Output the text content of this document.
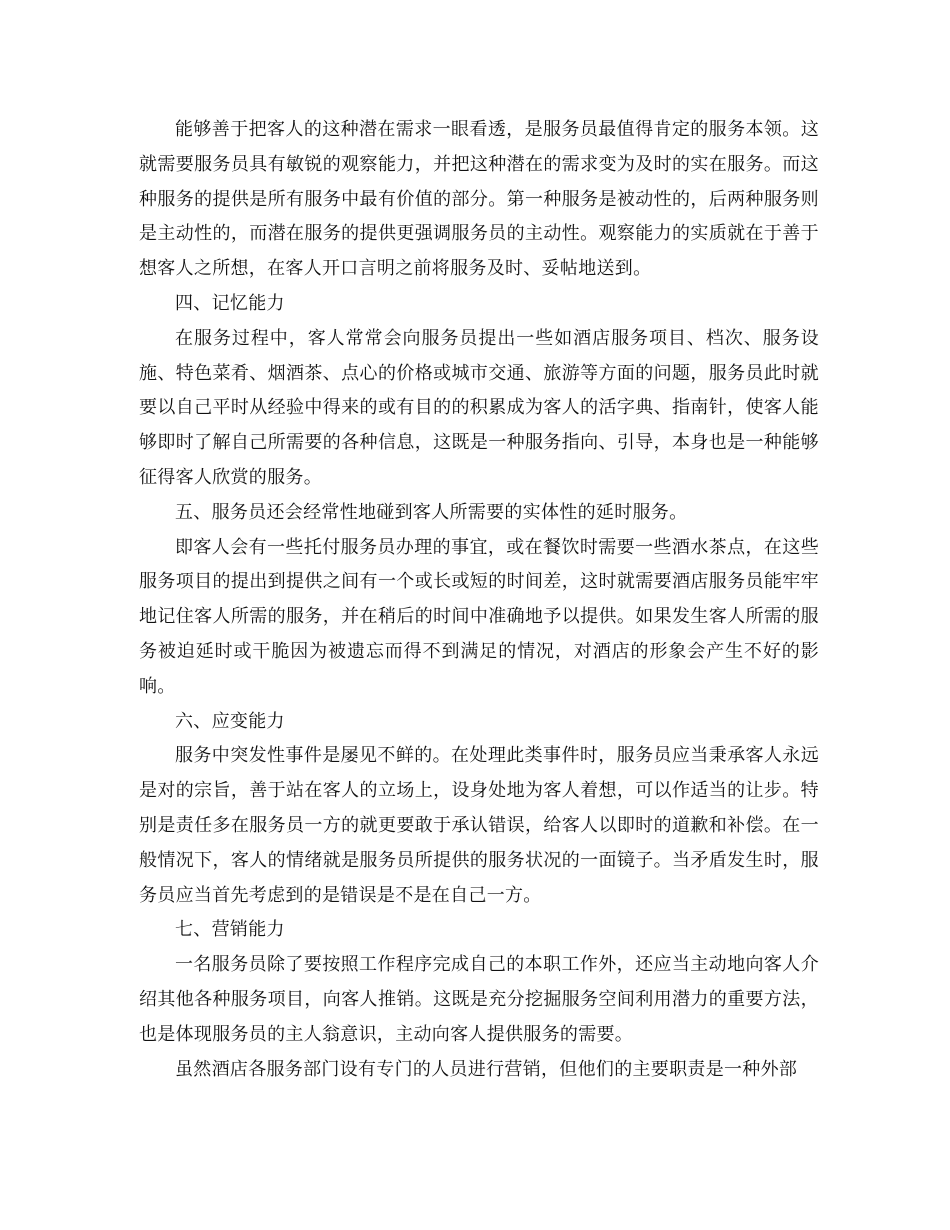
能够善于把客人的这种潜在需求一眼看透，是服务员最值得肯定的服务本领。这就需要服务员具有敏锐的观察能力，并把这种潜在的需求变为及时的实在服务。而这种服务的提供是所有服务中最有价值的部分。第一种服务是被动性的，后两种服务则是主动性的，而潜在服务的提供更强调服务员的主动性。观察能力的实质就在于善于想客人之所想，在客人开口言明之前将服务及时、妥帖地送到。

四、记忆能力

在服务过程中，客人常常会向服务员提出一些如酒店服务项目、档次、服务设施、特色菜肴、烟酒茶、点心的价格或城市交通、旅游等方面的问题，服务员此时就要以自己平时从经验中得来的或有目的的积累成为客人的活字典、指南针，使客人能够即时了解自己所需要的各种信息，这既是一种服务指向、引导，本身也是一种能够征得客人欣赏的服务。

五、服务员还会经常性地碰到客人所需要的实体性的延时服务。

即客人会有一些托付服务员办理的事宜，或在餐饮时需要一些酒水茶点，在这些服务项目的提出到提供之间有一个或长或短的时间差，这时就需要酒店服务员能牢牢地记住客人所需的服务，并在稍后的时间中准确地予以提供。如果发生客人所需的服务被迫延时或干脆因为被遗忘而得不到满足的情况，对酒店的形象会产生不好的影响。

六、应变能力

服务中突发性事件是屡见不鲜的。在处理此类事件时，服务员应当秉承客人永远是对的宗旨，善于站在客人的立场上，设身处地为客人着想，可以作适当的让步。特别是责任多在服务员一方的就更要敢于承认错误，给客人以即时的道歉和补偿。在一般情况下，客人的情绪就是服务员所提供的服务状况的一面镜子。当矛盾发生时，服务员应当首先考虑到的是错误是不是在自己一方。

七、营销能力

一名服务员除了要按照工作程序完成自己的本职工作外，还应当主动地向客人介绍其他各种服务项目，向客人推销。这既是充分挖掘服务空间利用潜力的重要方法，也是体现服务员的主人翁意识，主动向客人提供服务的需要。

虽然酒店各服务部门设有专门的人员进行营销，但他们的主要职责是一种外部
